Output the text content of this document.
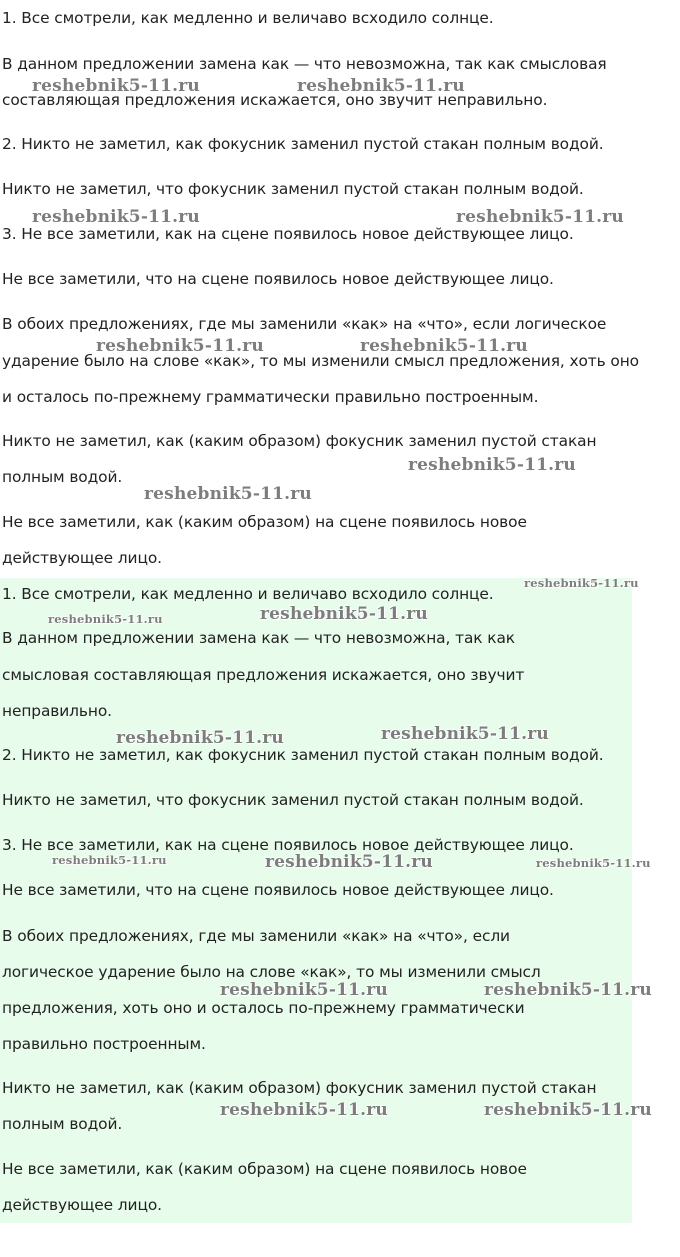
1. Все смотрели, как медленно и величаво всходило солнце.
В данном предложении замена как — что невозможна, так как смысловая
составляющая предложения искажается, оно звучит неправильно.
2. Никто не заметил, как фокусник заменил пустой стакан полным водой.
Никто не заметил, что фокусник заменил пустой стакан полным водой.
3. Не все заметили, как на сцене появилось новое действующее лицо.
Не все заметили, что на сцене появилось новое действующее лицо.
В обоих предложениях, где мы заменили «как» на «что», если логическое
ударение было на слове «как», то мы изменили смысл предложения, хоть оно
и осталось по-прежнему грамматически правильно построенным.
Никто не заметил, как (каким образом) фокусник заменил пустой стакан
полным водой.
Не все заметили, как (каким образом) на сцене появилось новое
действующее лицо.
1. Все смотрели, как медленно и величаво всходило солнце.
В данном предложении замена как — что невозможна, так как
смысловая составляющая предложения искажается, оно звучит
неправильно.
2. Никто не заметил, как фокусник заменил пустой стакан полным водой.
Никто не заметил, что фокусник заменил пустой стакан полным водой.
3. Не все заметили, как на сцене появилось новое действующее лицо.
Не все заметили, что на сцене появилось новое действующее лицо.
В обоих предложениях, где мы заменили «как» на «что», если
логическое ударение было на слове «как», то мы изменили смысл
предложения, хоть оно и осталось по-прежнему грамматически
правильно построенным.
Никто не заметил, как (каким образом) фокусник заменил пустой стакан
полным водой.
Не все заметили, как (каким образом) на сцене появилось новое
действующее лицо.
reshebnik5-11.ru	reshebnik5-11.ru
reshebnik5-11.ru	reshebnik5-11.ru
reshebnik5-11.ru	reshebnik5-11.ru
reshebnik5-11.ru
reshebnik5-11.ru
reshebnik5-11.ru
reshebnik5-11.ru	reshebnik5-11.ru
reshebnik5-11.ru	reshebnik5-11.ru
reshebnik5-11.ru	reshebnik5-11.ru	reshebnik5-11.ru
reshebnik5-11.ru	reshebnik5-11.ru
reshebnik5-11.ru	reshebnik5-11.ru
